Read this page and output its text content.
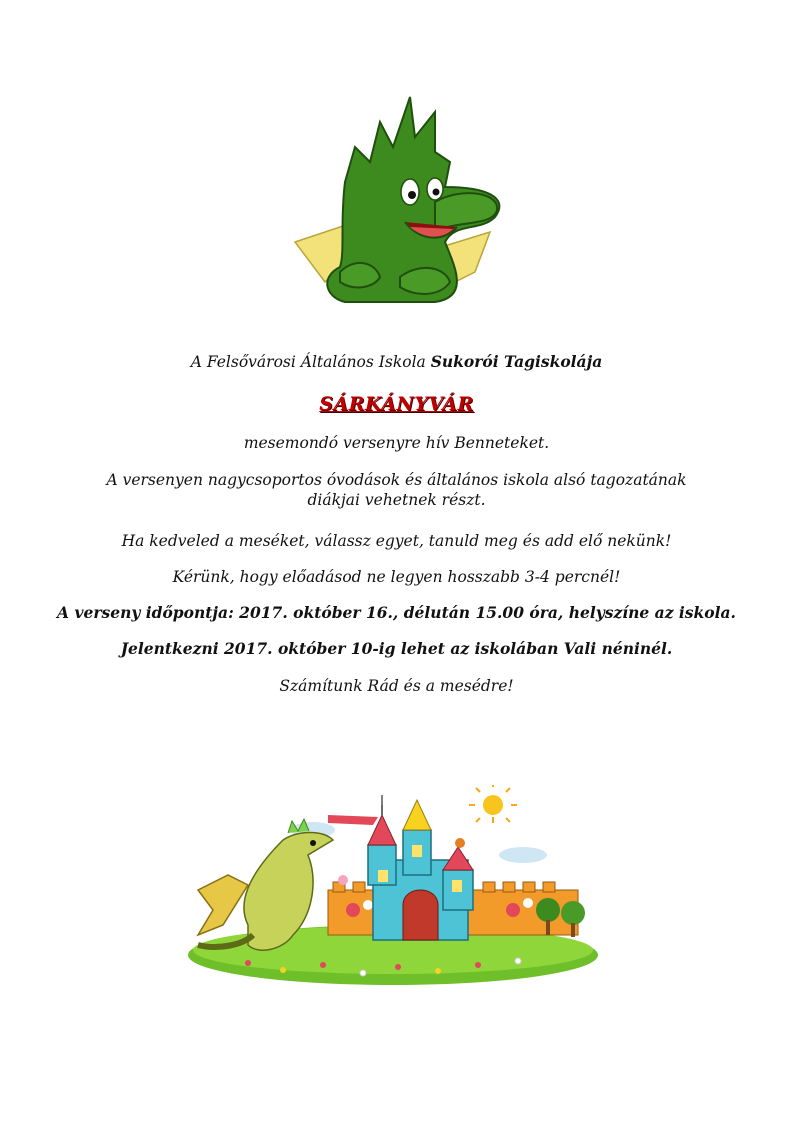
A Felsővárosi Általános Iskola Sukorói Tagiskolája
SÁRKÁNYVÁR
mesemondó versenyre hív Benneteket.
A versenyen nagycsoportos óvodások és általános iskola alsó tagozatának
diákjai vehetnek részt.
Ha kedveled a meséket, válassz egyet, tanuld meg és add elő nekünk!
Kérünk, hogy előadásod ne legyen hosszabb 3-4 percnél!
A verseny időpontja: 2017. október 16., délután 15.00 óra, helyszíne az iskola.
Jelentkezni 2017. október 10-ig lehet az iskolában Vali néninél.
Számítunk Rád és a mesédre!
